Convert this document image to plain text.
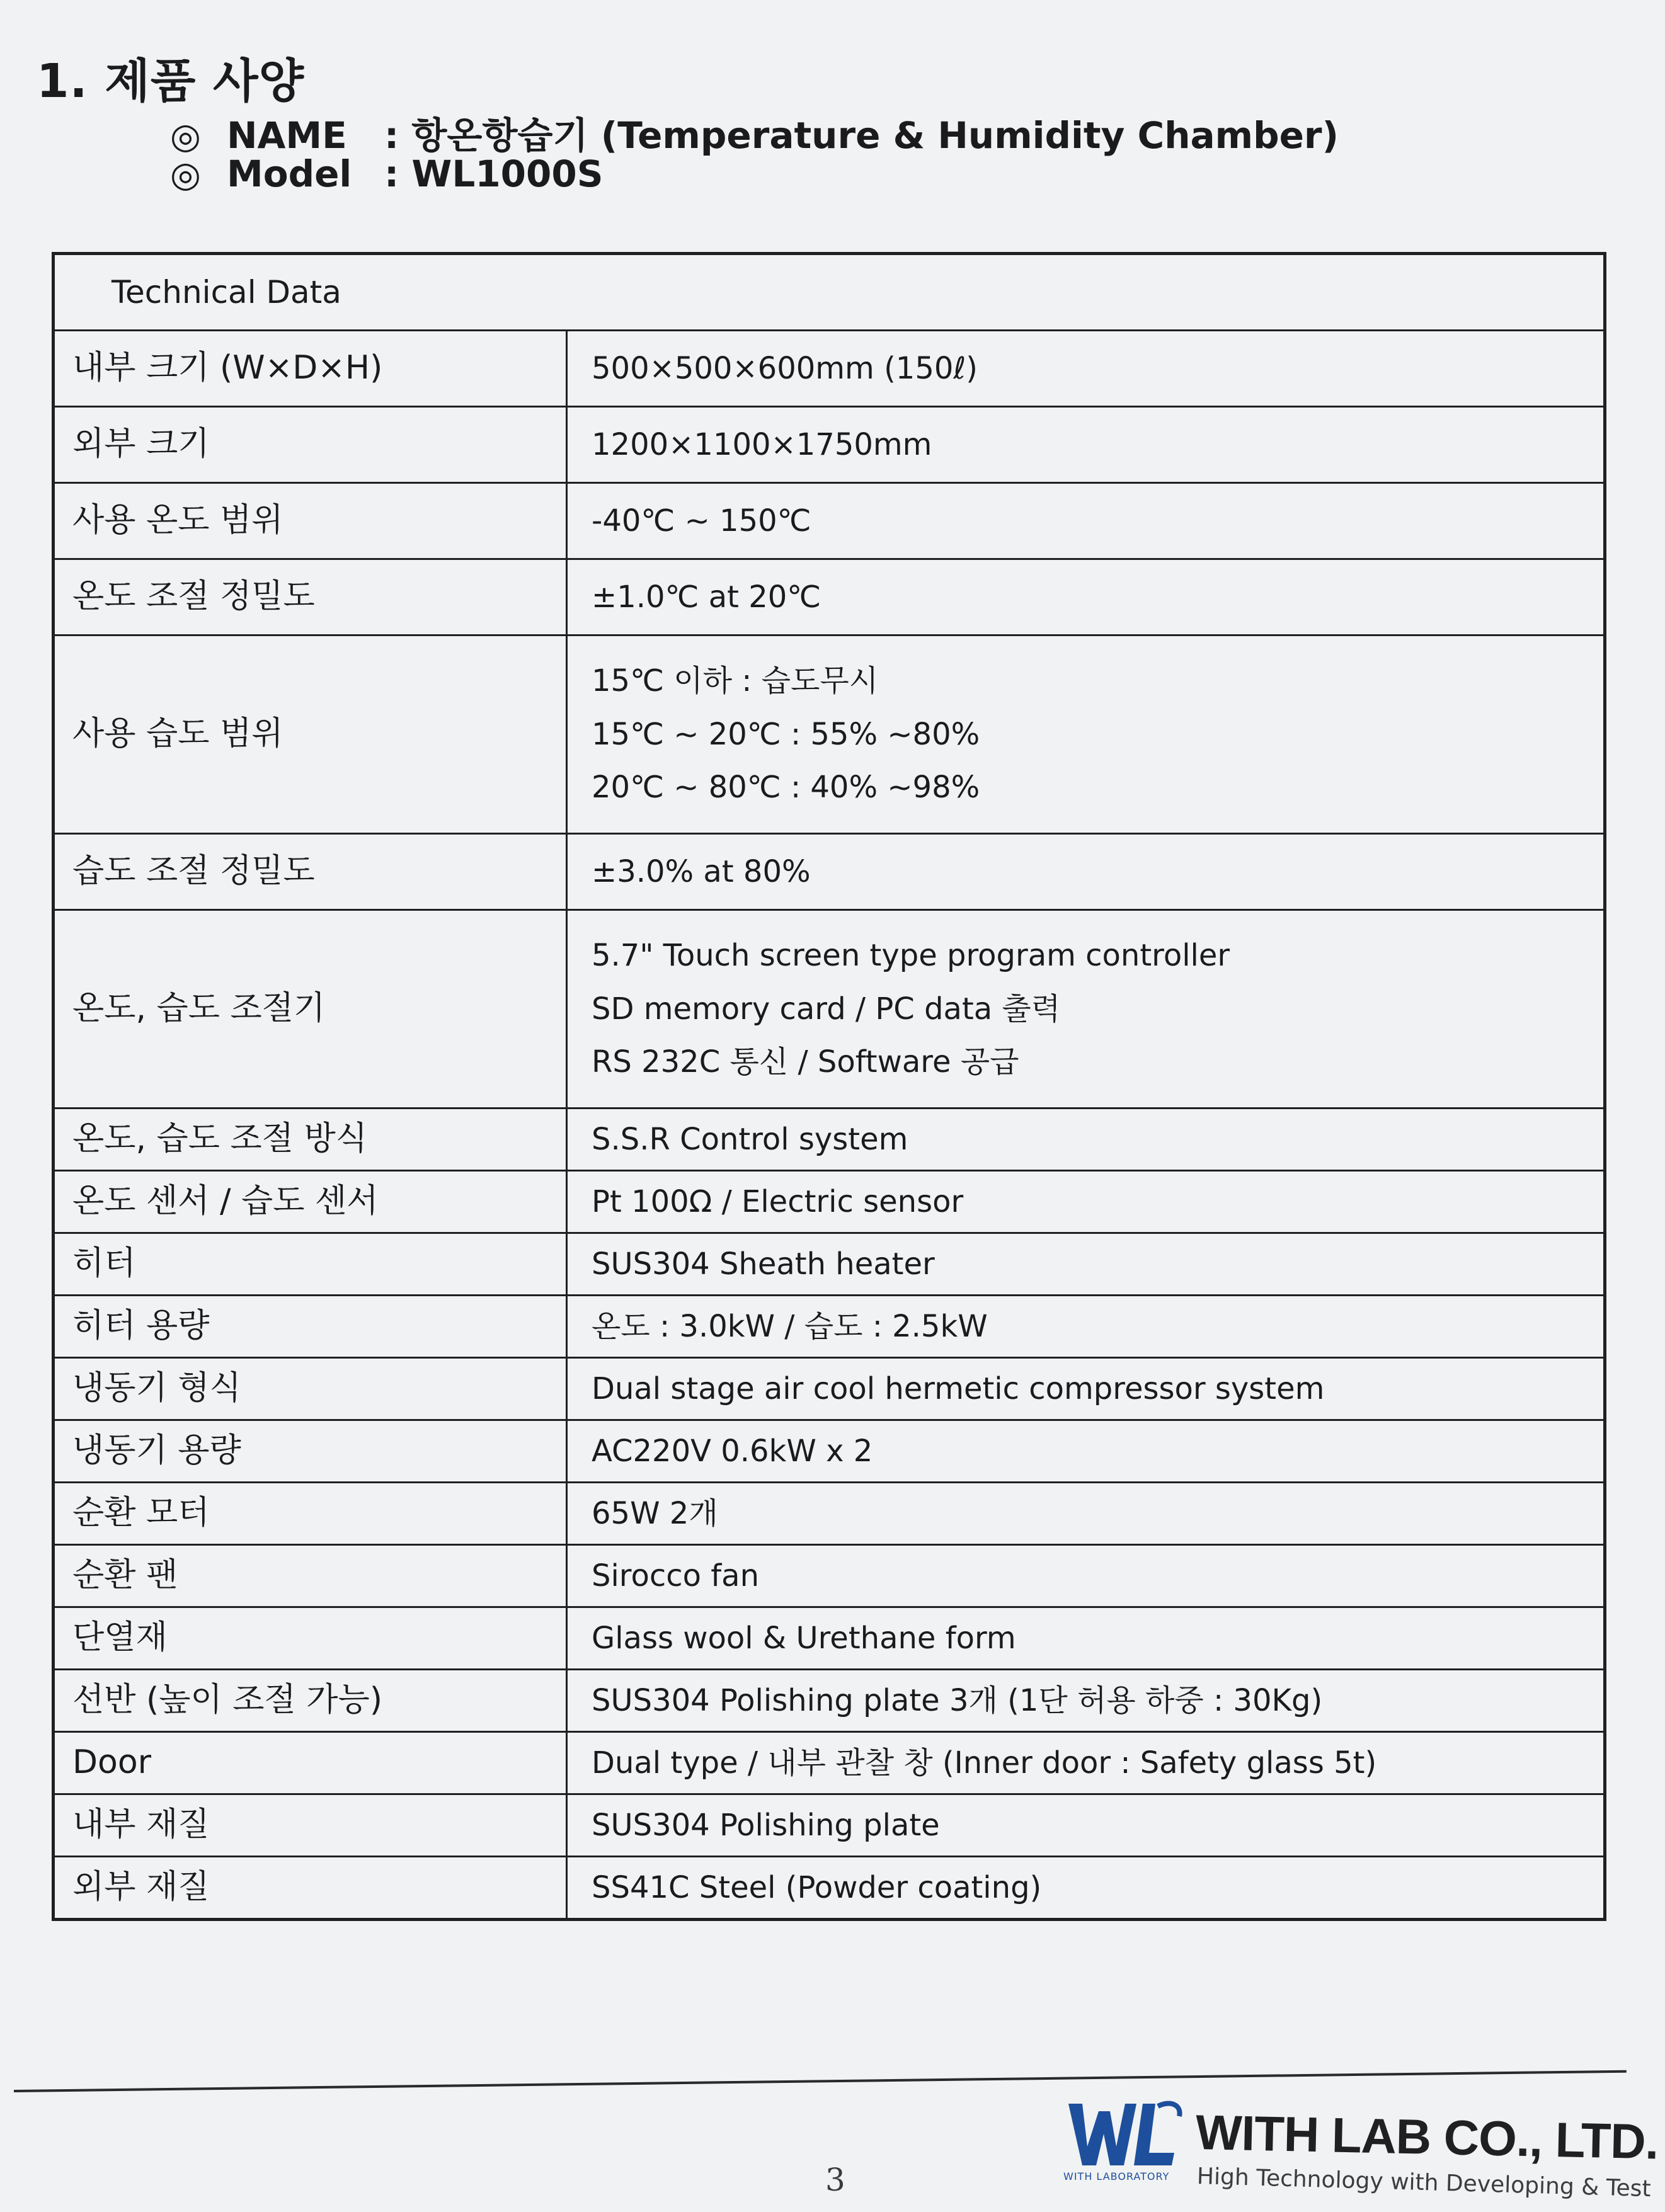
1. 제품 사양
◎ NAME	: 항온항습기 (Temperature & Humidity Chamber)
◎ Model : WL1000S
Technical Data	
내부 크기 (W×D×H)	500×500×600mm (150ℓ)

외부 크기	1200×1100×1750mm

사용 온도 범위	-40℃ ~ 150℃

온도 조절 정밀도	±1.0℃ at 20℃

사용 습도 범위	15℃ 이하 : 습도무시
15℃ ~ 20℃ : 55% ~80%
20℃ ~ 80℃ : 40% ~98%

습도 조절 정밀도	±3.0% at 80%

온도, 습도 조절기	5.7" Touch screen type program controller
SD memory card / PC data 출력
RS 232C 통신 / Software 공급

온도, 습도 조절 방식	S.S.R Control system

온도 센서 / 습도 센서	Pt 100Ω / Electric sensor

히터	SUS304 Sheath heater

히터 용량	온도 : 3.0kW / 습도 : 2.5kW

냉동기 형식	Dual stage air cool hermetic compressor system

냉동기 용량	AC220V 0.6kW x 2

순환 모터	65W 2개

순환 팬	Sirocco fan

단열재	Glass wool & Urethane form

선반 (높이 조절 가능)	SUS304 Polishing plate 3개 (1단 허용 하중 : 30Kg)

Door	Dual type / 내부 관찰 창 (Inner door : Safety glass 5t)

내부 재질	SUS304 Polishing plate

외부 재질	SS41C Steel (Powder coating)
WITH LABORATORY
WITH LAB CO., LTD.
High Technology with Developing & Test
3
